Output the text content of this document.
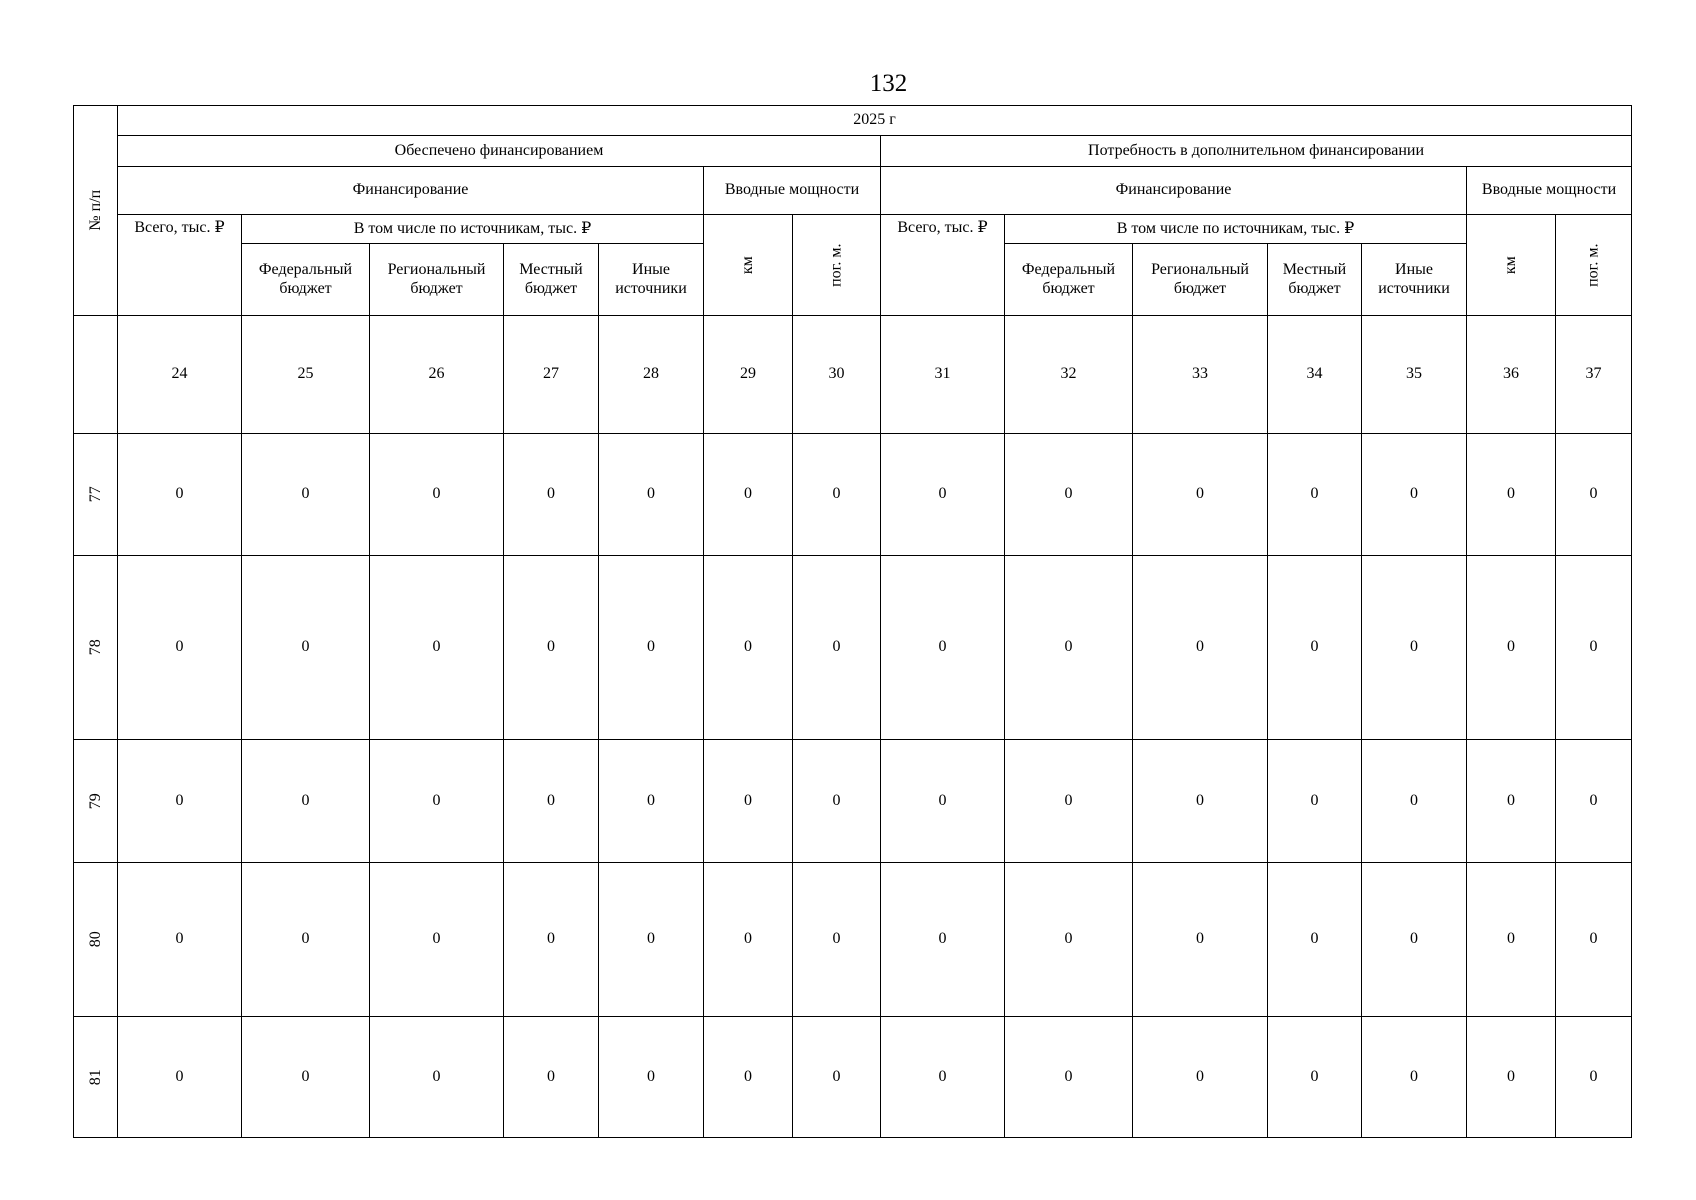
132
№ п/п	2025 г													
	Обеспечено финансированием							Потребность в дополнительном финансировании						
	Финансирование					Вводные мощности		Финансирование					Вводные мощности	
	Всего, тыс. ₽	В том числе по источникам, тыс. ₽				км	пог. м.	Всего, тыс. ₽	В том числе по источникам, тыс. ₽				км	пог. м.
		Федеральный бюджет	Региональный бюджет	Местный бюджет	Иные источники				Федеральный бюджет	Региональный бюджет	Местный бюджет	Иные источники		
	24	25	26	27	28	29	30	31	32	33	34	35	36	37
77	0	0	0	0	0	0	0	0	0	0	0	0	0	0
78	0	0	0	0	0	0	0	0	0	0	0	0	0	0
79	0	0	0	0	0	0	0	0	0	0	0	0	0	0
80	0	0	0	0	0	0	0	0	0	0	0	0	0	0
81	0	0	0	0	0	0	0	0	0	0	0	0	0	0
